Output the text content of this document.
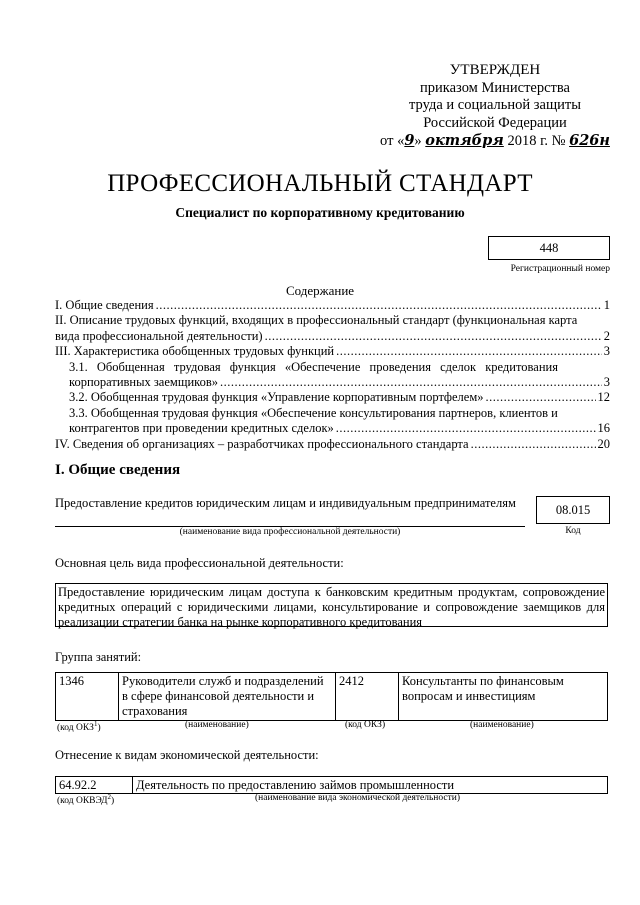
УТВЕРЖДЕН
приказом Министерства
труда и социальной защиты
Российской Федерации
от «9» октября 2018 г. № 626н
ПРОФЕССИОНАЛЬНЫЙ СТАНДАРТ
Специалист по корпоративному кредитованию
448
Регистрационный номер
Содержание
I. Общие сведения .....	1
II. Описание трудовых функций, входящих в профессиональный стандарт (функциональная карта
вида профессиональной деятельности) .....	2
III. Характеристика обобщенных трудовых функций .....	3
3.1. Обобщенная трудовая функция «Обеспечение проведения сделок кредитования
корпоративных заемщиков» .....	3
3.2. Обобщенная трудовая функция «Управление корпоративным портфелем» .....	12
3.3. Обобщенная трудовая функция «Обеспечение консультирования партнеров, клиентов и
контрагентов при проведении кредитных сделок» .....	16
IV. Сведения об организациях – разработчиках профессионального стандарта .....	20
I. Общие сведения
Предоставление кредитов юридическим лицам и индивидуальным предпринимателям
(наименование вида профессиональной деятельности)
08.015
Код
Основная цель вида профессиональной деятельности:
Предоставление юридическим лицам доступа к банковским кредитным продуктам, сопровождение кредитных операций с юридическими лицами, консультирование и сопровождение заемщиков для реализации стратегии банка на рынке корпоративного кредитования
Группа занятий:
1346	Руководители служб и подразделений в сфере финансовой деятельности и страхования	2412	Консультанты по финансовым вопросам и инвестициям
(код ОКЗ$^1$)	(наименование)	(код ОКЗ)	(наименование)
Отнесение к видам экономической деятельности:
64.92.2	Деятельность по предоставлению займов промышленности
(код ОКВЭД$^2$)	(наименование вида экономической деятельности)
